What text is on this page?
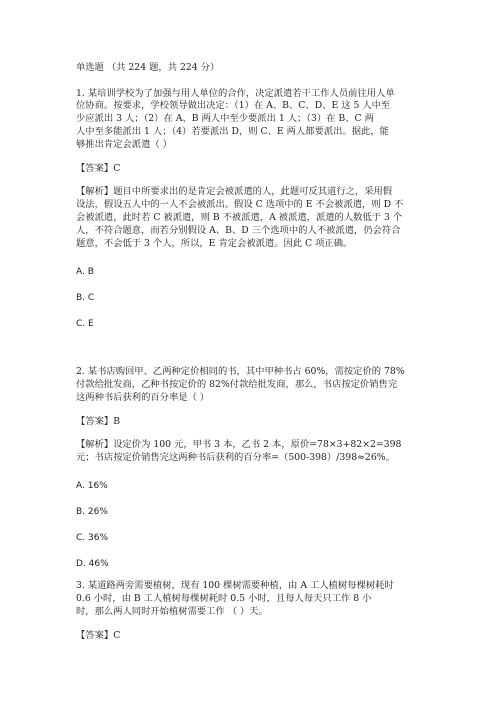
单选题 （共 224 题，共 224 分）
1. 某培训学校为了加强与用人单位的合作，决定派遣若干工作人员前往用人单
位协商。按要求，学校领导做出决定：（1）在 A、B、C、D、E 这 5 人中至
少应派出 3 人；（2）在 A、B 两人中至少要派出 1 人；（3）在 B、C 两
人中至多能派出 1 人；（4）若要派出 D，则 C、E 两人都要派出。据此，能
够推出肯定会派遣（ ）
【答案】C
【解析】题目中所要求出的是肯定会被派遣的人，此题可反其道行之，采用假
设法，假设五人中的一人不会被派出。假设 C 选项中的 E 不会被派遣，则 D 不
会被派遣，此时若 C 被派遣，则 B 不被派遣，A 被派遣，派遣的人数低于 3 个
人，不符合题意，而若分别假设 A、B、D 三个选项中的人不被派遣，仍会符合
题意，不会低于 3 个人，所以，E 肯定会被派遣。因此 C 项正确。
A. B
B. C
C. E
2. 某书店购回甲、乙两种定价相同的书，其中甲种书占 60%，需按定价的 78%
付款给批发商，乙种书按定价的 82%付款给批发商，那么，书店按定价销售完
这两种书后获利的百分率是（ ）
【答案】B
【解析】设定价为 100 元，甲书 3 本，乙书 2 本，原价=78×3+82×2=398
元；书店按定价销售完这两种书后获利的百分率=（500-398）/398≈26%。
A. 16%
B. 26%
C. 36%
D. 46%
3. 某道路两旁需要植树，现有 100 棵树需要种植，由 A 工人植树每棵树耗时
0.6 小时，由 B 工人植树每棵树耗时 0.5 小时，且每人每天只工作 8 小
时，那么两人同时开始植树需要工作 （ ）天。
【答案】C
